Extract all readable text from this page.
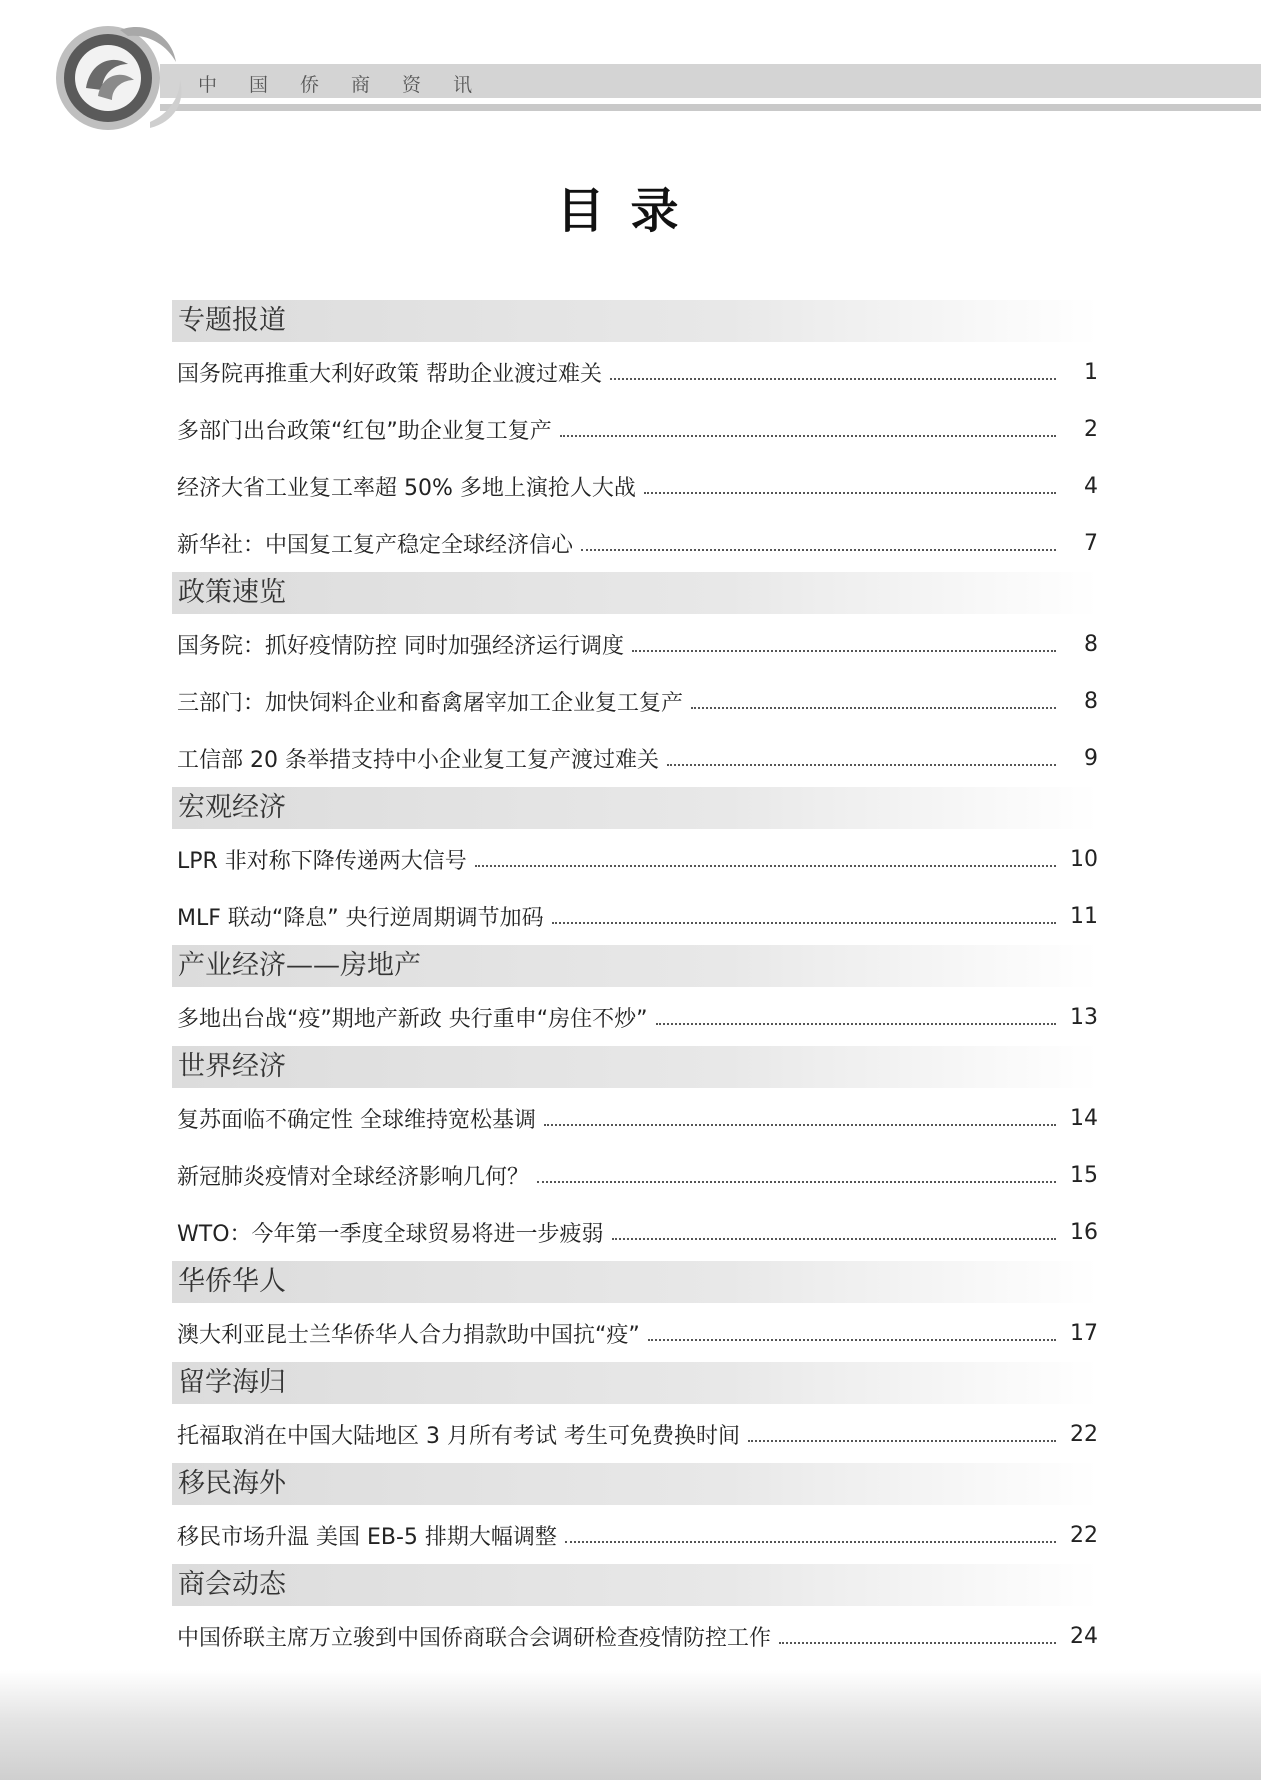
中国侨商资讯
目录
专题报道
国务院再推重大利好政策 帮助企业渡过难关	1
多部门出台政策“红包”助企业复工复产	2
经济大省工业复工率超 50% 多地上演抢人大战	4
新华社：中国复工复产稳定全球经济信心	7
政策速览
国务院：抓好疫情防控 同时加强经济运行调度	8
三部门：加快饲料企业和畜禽屠宰加工企业复工复产	8
工信部 20 条举措支持中小企业复工复产渡过难关	9
宏观经济
LPR 非对称下降传递两大信号	10
MLF 联动“降息” 央行逆周期调节加码	11
产业经济——房地产
多地出台战“疫”期地产新政 央行重申“房住不炒”	13
世界经济
复苏面临不确定性 全球维持宽松基调	14
新冠肺炎疫情对全球经济影响几何？	15
WTO：今年第一季度全球贸易将进一步疲弱	16
华侨华人
澳大利亚昆士兰华侨华人合力捐款助中国抗“疫”	17
留学海归
托福取消在中国大陆地区 3 月所有考试 考生可免费换时间	22
移民海外
移民市场升温 美国 EB-5 排期大幅调整	22
商会动态
中国侨联主席万立骏到中国侨商联合会调研检查疫情防控工作	24
